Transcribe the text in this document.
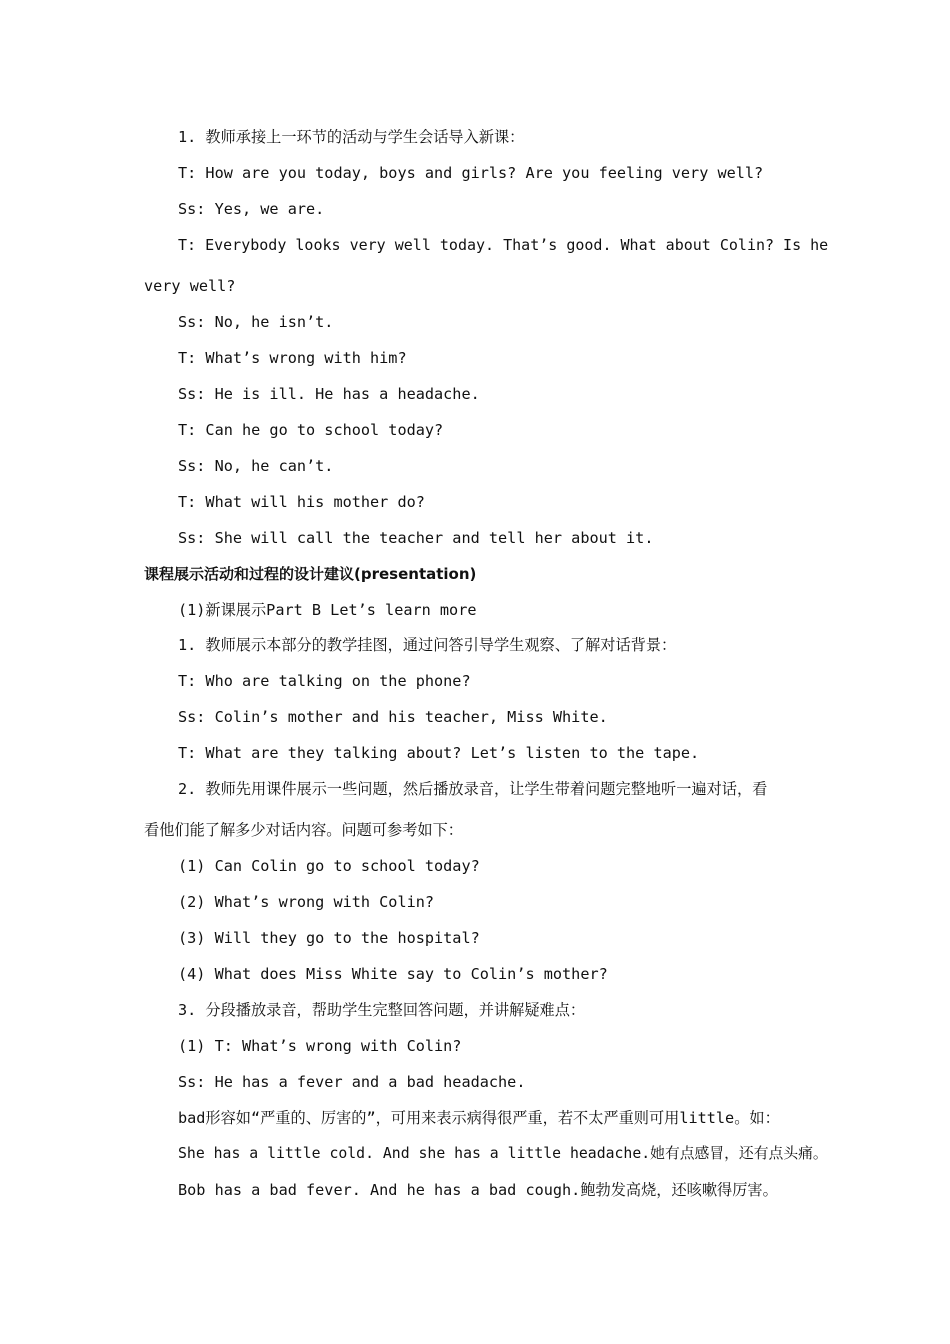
1. 教师承接上一环节的活动与学生会话导入新课：
T: How are you today, boys and girls? Are you feeling very well?
Ss: Yes, we are.
T: Everybody looks very well today. That’s good. What about Colin? Is he
very well?
Ss: No, he isn’t.
T: What’s wrong with him?
Ss: He is ill. He has a headache.
T: Can he go to school today?
Ss: No, he can’t.
T: What will his mother do?
Ss: She will call the teacher and tell her about it.
课程展示活动和过程的设计建议(presentation)
(1)新课展示Part B Let’s learn more
1. 教师展示本部分的教学挂图，通过问答引导学生观察、了解对话背景：
T: Who are talking on the phone?
Ss: Colin’s mother and his teacher, Miss White.
T: What are they talking about? Let’s listen to the tape.
2. 教师先用课件展示一些问题，然后播放录音，让学生带着问题完整地听一遍对话，看
看他们能了解多少对话内容。问题可参考如下：
(1) Can Colin go to school today?
(2) What’s wrong with Colin?
(3) Will they go to the hospital?
(4) What does Miss White say to Colin’s mother?
3. 分段播放录音，帮助学生完整回答问题，并讲解疑难点：
(1) T: What’s wrong with Colin?
Ss: He has a fever and a bad headache.
bad形容如“严重的、厉害的”，可用来表示病得很严重，若不太严重则可用little。如：
She has a little cold. And she has a little headache.她有点感冒，还有点头痛。
Bob has a bad fever. And he has a bad cough.鲍勃发高烧，还咳嗽得厉害。
